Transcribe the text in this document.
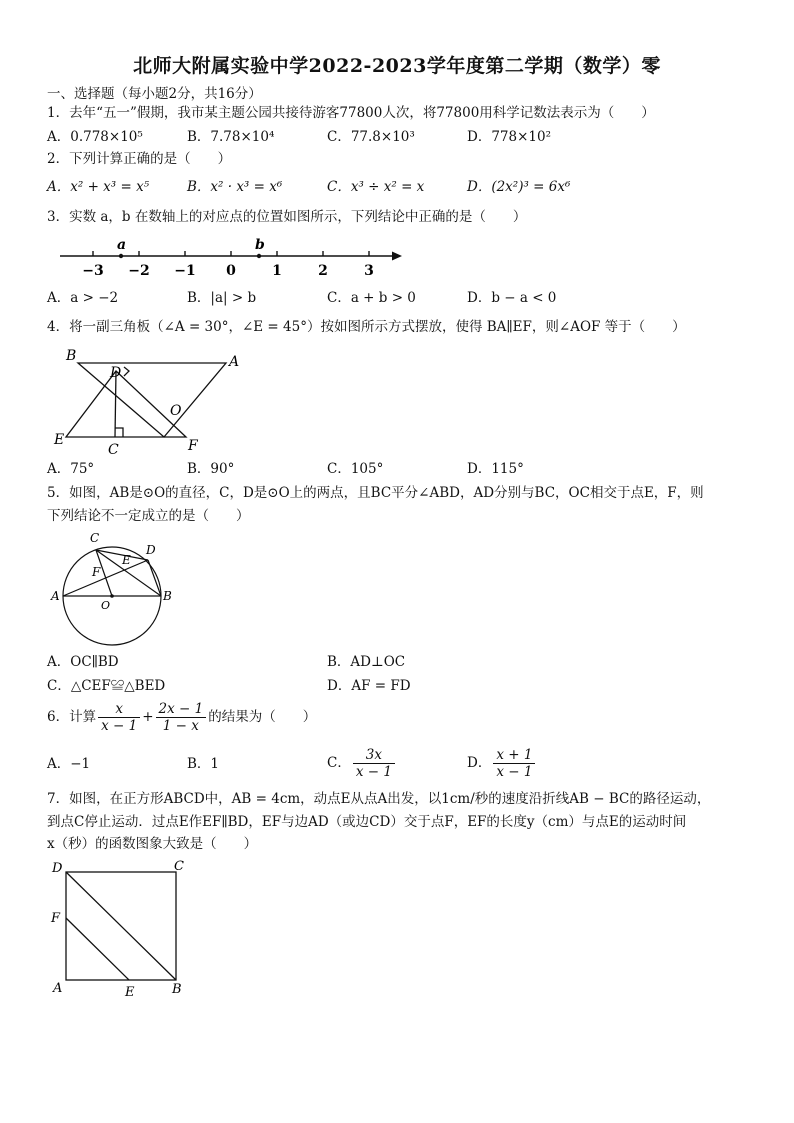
北师大附属实验中学2022-2023学年度第二学期（数学）零
一、选择题（每小题2分，共16分）
1．去年“五一”假期，我市某主题公园共接待游客77800人次，将77800用科学记数法表示为（　　）
A．0.778×10⁵	B．7.78×10⁴	C．77.8×10³	D．778×10²
2．下列计算正确的是（　　）
A．x² + x³ = x⁵	B．x² · x³ = x⁶	C．x³ ÷ x² = x	D．(2x²)³ = 6x⁶
3．实数 a，b 在数轴上的对应点的位置如图所示，下列结论中正确的是（　　）
−3 −2 −1 0	1	2	3
a	b
A．a > −2	B．|a| > b	C．a + b > 0	D．b − a < 0
4．将一副三角板（∠A = 30°，∠E = 45°）按如图所示方式摆放，使得 BA∥EF，则∠AOF 等于（　　）
B	A
D
O
E
C	F
A．75°	B．90°	C．105°	D．115°
5．如图，AB是⊙O的直径，C，D是⊙O上的两点，且BC平分∠ABD，AD分别与BC，OC相交于点E，F，则
下列结论不一定成立的是（　　）
C
D
E
F
A
O
B
A．OC∥BD	B．AD⊥OC
C．△CEF≌△BED	D．AF = FD
6．计算 $\frac{x}{x - 1} + \frac{2x - 1}{1 - x}$ 的结果为（　　）
A．−1	B．1	C． $\frac{3x}{x - 1}$	D． $\frac{x + 1}{x - 1}$
7．如图，在正方形ABCD中，AB = 4cm，动点E从点A出发，以1cm/秒的速度沿折线AB − BC的路径运动，
到点C停止运动．过点E作EF∥BD，EF与边AD（或边CD）交于点F，EF的长度y（cm）与点E的运动时间
x（秒）的函数图象大致是（　　）
D	C
F
A	E	B
